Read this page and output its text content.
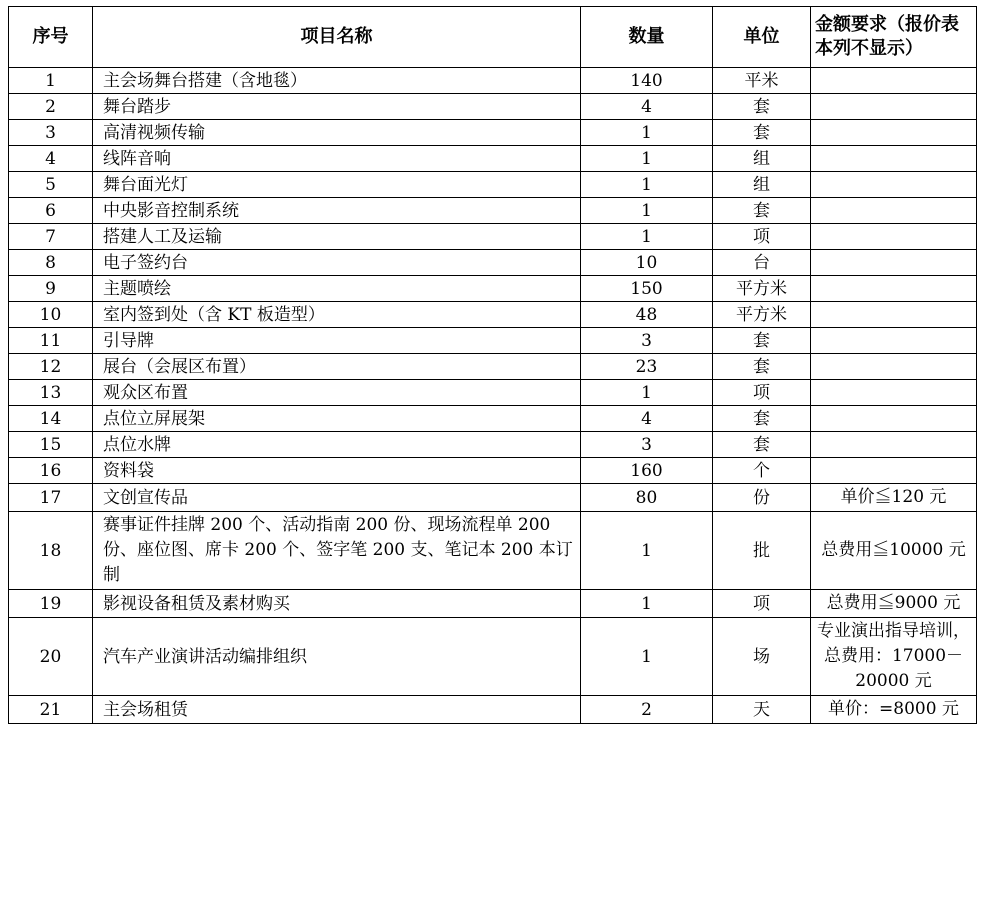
序号	项目名称	数量	单位	金额要求（报价表本列不显示）
1	主会场舞台搭建（含地毯）	140	平米	
2	舞台踏步	4	套	
3	高清视频传输	1	套	
4	线阵音响	1	组	
5	舞台面光灯	1	组	
6	中央影音控制系统	1	套	
7	搭建人工及运输	1	项	
8	电子签约台	10	台	
9	主题喷绘	150	平方米	
10	室内签到处（含 KT 板造型）	48	平方米	
11	引导牌	3	套	
12	展台（会展区布置）	23	套	
13	观众区布置	1	项	
14	点位立屏展架	4	套	
15	点位水牌	3	套	
16	资料袋	160	个	
17	文创宣传品	80	份	单价≦120 元
18	赛事证件挂牌 200 个、活动指南 200 份、现场流程单 200 份、座位图、席卡 200 个、签字笔 200 支、笔记本 200 本订制	1	批	总费用≦10000 元
19	影视设备租赁及素材购买	1	项	总费用≦9000 元
20	汽车产业演讲活动编排组织	1	场	专业演出指导培训，总费用：17000－20000 元
21	主会场租赁	2	天	单价：=8000 元
